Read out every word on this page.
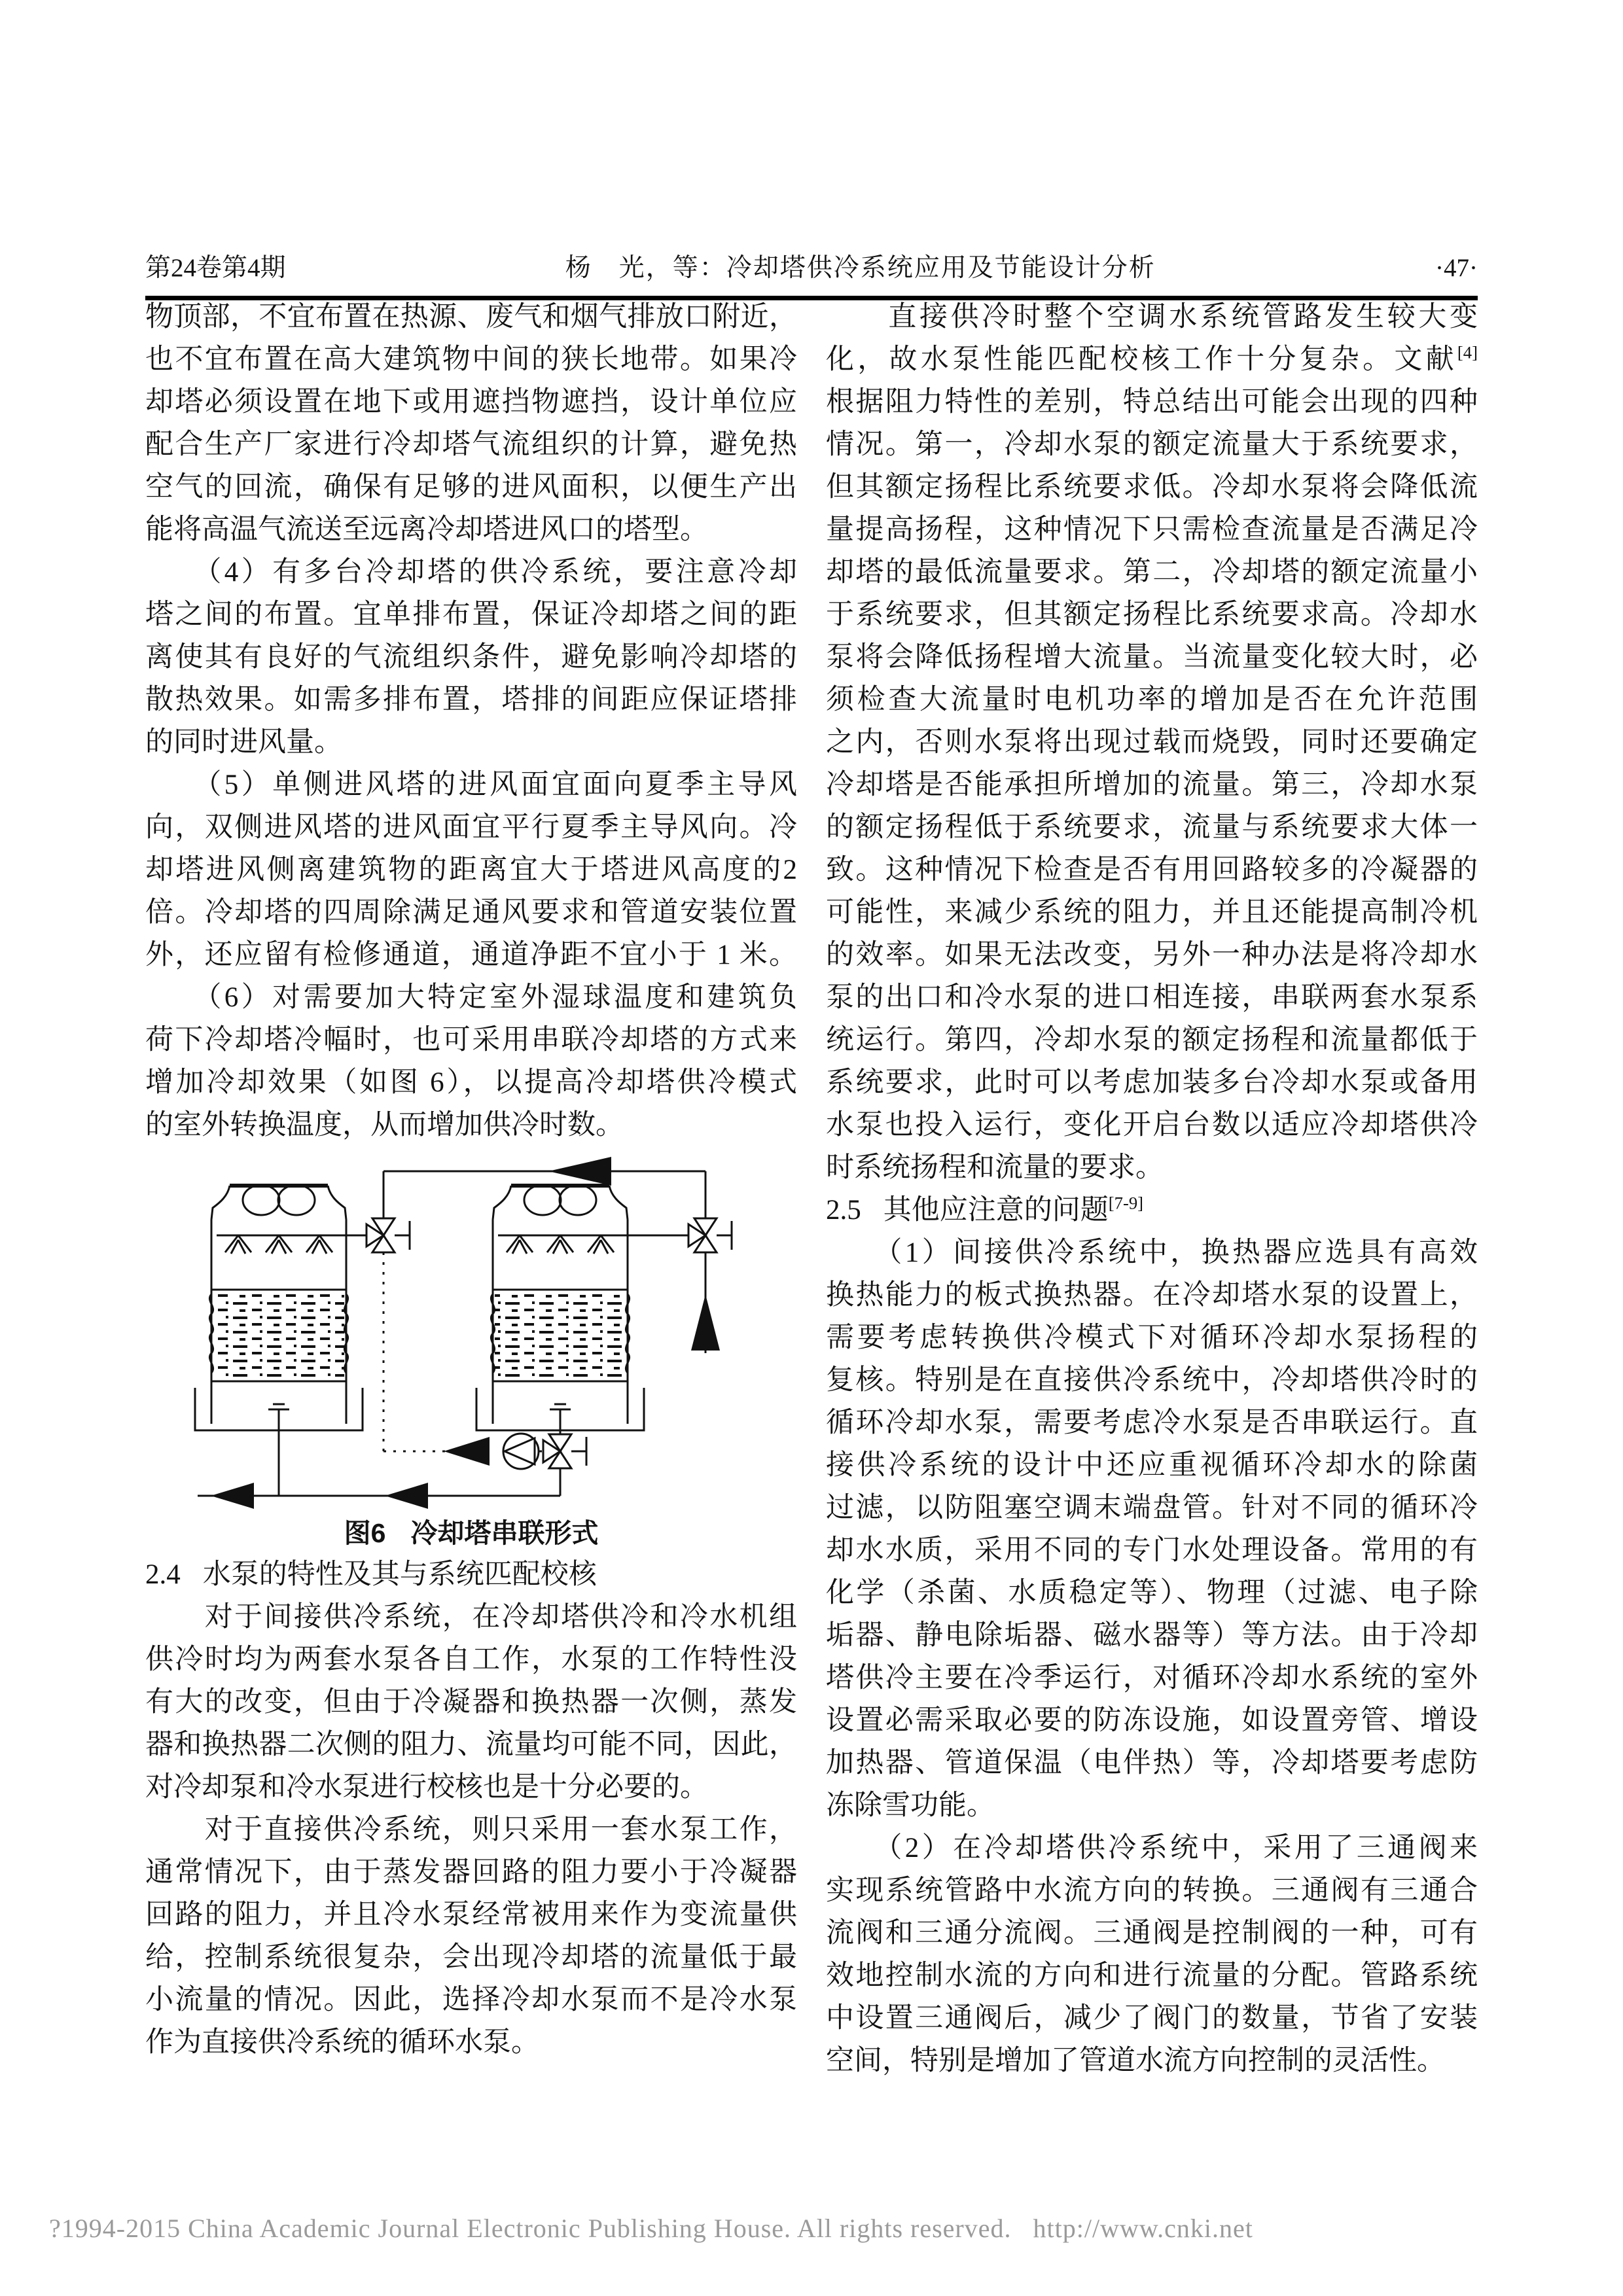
第24卷第4期	杨　光，等：冷却塔供冷系统应用及节能设计分析	·47·
物顶部，不宜布置在热源、废气和烟气排放口附近，
也不宜布置在高大建筑物中间的狭长地带。如果冷
却塔必须设置在地下或用遮挡物遮挡，设计单位应
配合生产厂家进行冷却塔气流组织的计算，避免热
空气的回流，确保有足够的进风面积，以便生产出
能将高温气流送至远离冷却塔进风口的塔型。
　　（4）有多台冷却塔的供冷系统，要注意冷却
塔之间的布置。宜单排布置，保证冷却塔之间的距
离使其有良好的气流组织条件，避免影响冷却塔的
散热效果。如需多排布置，塔排的间距应保证塔排
的同时进风量。
　　（5）单侧进风塔的进风面宜面向夏季主导风
向，双侧进风塔的进风面宜平行夏季主导风向。冷
却塔进风侧离建筑物的距离宜大于塔进风高度的2
倍。冷却塔的四周除满足通风要求和管道安装位置
外，还应留有检修通道，通道净距不宜小于 1 米。
　　（6）对需要加大特定室外湿球温度和建筑负
荷下冷却塔冷幅时，也可采用串联冷却塔的方式来
增加冷却效果（如图 6），以提高冷却塔供冷模式
的室外转换温度，从而增加供冷时数。
图6 冷却塔串联形式
2.4 水泵的特性及其与系统匹配校核
　　对于间接供冷系统，在冷却塔供冷和冷水机组
供冷时均为两套水泵各自工作，水泵的工作特性没
有大的改变，但由于冷凝器和换热器一次侧，蒸发
器和换热器二次侧的阻力、流量均可能不同，因此，
对冷却泵和冷水泵进行校核也是十分必要的。
　　对于直接供冷系统，则只采用一套水泵工作，
通常情况下，由于蒸发器回路的阻力要小于冷凝器
回路的阻力，并且冷水泵经常被用来作为变流量供
给，控制系统很复杂，会出现冷却塔的流量低于最
小流量的情况。因此，选择冷却水泵而不是冷水泵
作为直接供冷系统的循环水泵。
　　直接供冷时整个空调水系统管路发生较大变
化，故水泵性能匹配校核工作十分复杂。文献[4]
根据阻力特性的差别，特总结出可能会出现的四种
情况。第一，冷却水泵的额定流量大于系统要求，
但其额定扬程比系统要求低。冷却水泵将会降低流
量提高扬程，这种情况下只需检查流量是否满足冷
却塔的最低流量要求。第二，冷却塔的额定流量小
于系统要求，但其额定扬程比系统要求高。冷却水
泵将会降低扬程增大流量。当流量变化较大时，必
须检查大流量时电机功率的增加是否在允许范围
之内，否则水泵将出现过载而烧毁，同时还要确定
冷却塔是否能承担所增加的流量。第三，冷却水泵
的额定扬程低于系统要求，流量与系统要求大体一
致。这种情况下检查是否有用回路较多的冷凝器的
可能性，来减少系统的阻力，并且还能提高制冷机
的效率。如果无法改变，另外一种办法是将冷却水
泵的出口和冷水泵的进口相连接，串联两套水泵系
统运行。第四，冷却水泵的额定扬程和流量都低于
系统要求，此时可以考虑加装多台冷却水泵或备用
水泵也投入运行，变化开启台数以适应冷却塔供冷
时系统扬程和流量的要求。
2.5 其他应注意的问题[7-9]
　　（1）间接供冷系统中，换热器应选具有高效
换热能力的板式换热器。在冷却塔水泵的设置上，
需要考虑转换供冷模式下对循环冷却水泵扬程的
复核。特别是在直接供冷系统中，冷却塔供冷时的
循环冷却水泵，需要考虑冷水泵是否串联运行。直
接供冷系统的设计中还应重视循环冷却水的除菌
过滤，以防阻塞空调末端盘管。针对不同的循环冷
却水水质，采用不同的专门水处理设备。常用的有
化学（杀菌、水质稳定等）、物理（过滤、电子除
垢器、静电除垢器、磁水器等）等方法。由于冷却
塔供冷主要在冷季运行，对循环冷却水系统的室外
设置必需采取必要的防冻设施，如设置旁管、增设
加热器、管道保温（电伴热）等，冷却塔要考虑防
冻除雪功能。
　　（2）在冷却塔供冷系统中，采用了三通阀来
实现系统管路中水流方向的转换。三通阀有三通合
流阀和三通分流阀。三通阀是控制阀的一种，可有
效地控制水流的方向和进行流量的分配。管路系统
中设置三通阀后，减少了阀门的数量，节省了安装
空间，特别是增加了管道水流方向控制的灵活性。
?1994-2015 China Academic Journal Electronic Publishing House. All rights reserved.   http://www.cnki.net
